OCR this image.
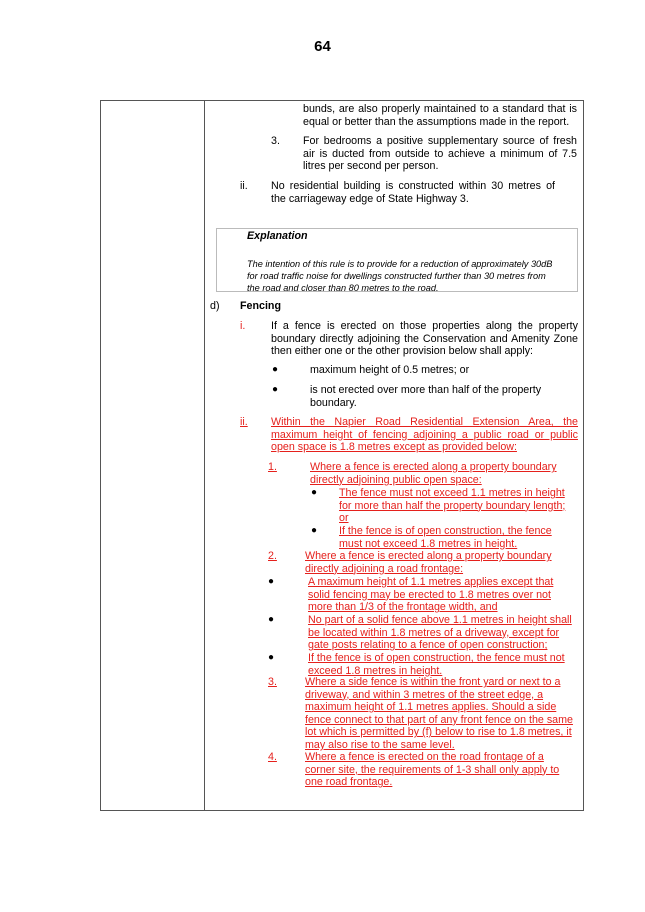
64

bunds, are also properly maintained to a standard that is equal or better than the assumptions made in the report.

3. For bedrooms a positive supplementary source of fresh air is ducted from outside to achieve a minimum of 7.5 litres per second per person.

ii. No residential building is constructed within 30 metres of the carriageway edge of State Highway 3.

Explanation

The intention of this rule is to provide for a reduction of approximately 30dB for road traffic noise for dwellings constructed further than 30 metres from the road and closer than 80 metres to the road.

d) Fencing
i. If a fence is erected on those properties along the property boundary directly adjoining the Conservation and Amenity Zone then either one or the other provision below shall apply:

●	maximum height of 0.5 metres; or

●	is not erected over more than half of the property boundary.

ii. Within the Napier Road Residential Extension Area, the maximum height of fencing adjoining a public road or public open space is 1.8 metres except as provided below:

1.	Where a fence is erected along a property boundary directly adjoining public open space:

● The fence must not exceed 1.1 metres in height for more than half the property boundary length; or

● If the fence is of open construction, the fence must not exceed 1.8 metres in height.

2.	Where a fence is erected along a property boundary directly adjoining a road frontage:

●	A maximum height of 1.1 metres applies except that solid fencing may be erected to 1.8 metres over not more than 1/3 of the frontage width, and

●	No part of a solid fence above 1.1 metres in height shall be located within 1.8 metres of a driveway, except for gate posts relating to a fence of open construction;

●	If the fence is of open construction, the fence must not exceed 1.8 metres in height.

3.	Where a side fence is within the front yard or next to a driveway, and within 3 metres of the street edge, a maximum height of 1.1 metres applies. Should a side fence connect to that part of any front fence on the same lot which is permitted by (f) below to rise to 1.8 metres, it may also rise to the same level.

4.	Where a fence is erected on the road frontage of a corner site, the requirements of 1-3 shall only apply to one road frontage.
